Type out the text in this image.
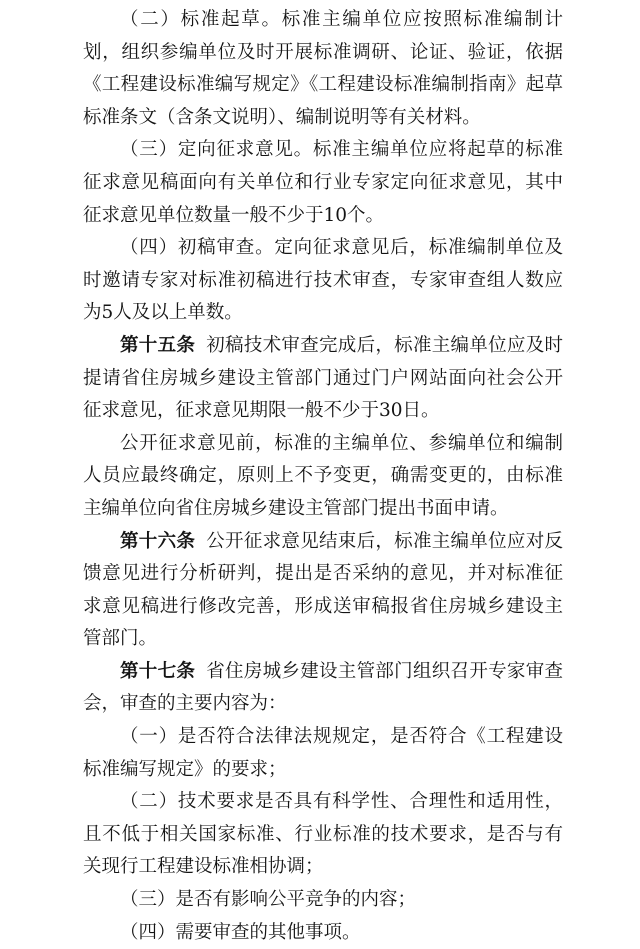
（二）标准起草。标准主编单位应按照标准编制计划，组织参编单位及时开展标准调研、论证、验证，依据《工程建设标准编写规定》《工程建设标准编制指南》起草标准条文（含条文说明）、编制说明等有关材料。

（三）定向征求意见。标准主编单位应将起草的标准征求意见稿面向有关单位和行业专家定向征求意见，其中征求意见单位数量一般不少于10个。

（四）初稿审查。定向征求意见后，标准编制单位及时邀请专家对标准初稿进行技术审查，专家审查组人数应为5人及以上单数。

第十五条 初稿技术审查完成后，标准主编单位应及时提请省住房城乡建设主管部门通过门户网站面向社会公开征求意见，征求意见期限一般不少于30日。

公开征求意见前，标准的主编单位、参编单位和编制人员应最终确定，原则上不予变更，确需变更的，由标准主编单位向省住房城乡建设主管部门提出书面申请。

第十六条 公开征求意见结束后，标准主编单位应对反馈意见进行分析研判，提出是否采纳的意见，并对标准征求意见稿进行修改完善，形成送审稿报省住房城乡建设主管部门。

第十七条 省住房城乡建设主管部门组织召开专家审查会，审查的主要内容为：

（一）是否符合法律法规规定，是否符合《工程建设标准编写规定》的要求；

（二）技术要求是否具有科学性、合理性和适用性，且不低于相关国家标准、行业标准的技术要求，是否与有关现行工程建设标准相协调；

（三）是否有影响公平竞争的内容；

（四）需要审查的其他事项。
